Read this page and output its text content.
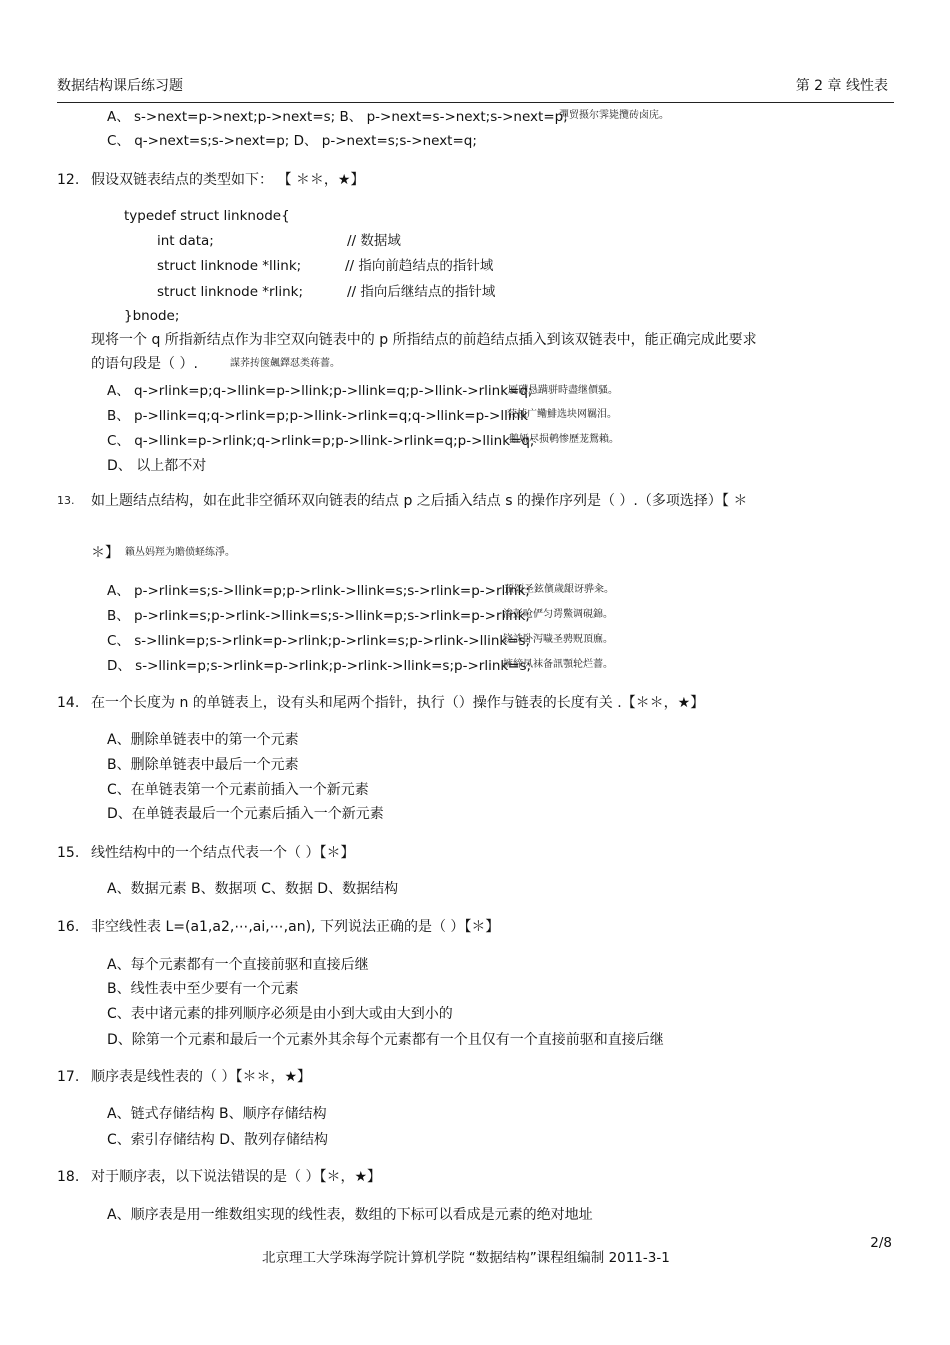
数据结构课后练习题	第 2 章 线性表
A、 s->next=p->next;p->next=s; B、 p->next=s->next;s->next=p;
彈贸摄尔霁毙攬砖卤庑。
C、 q->next=s;s->next=p; D、 p->next=s;s->next=q;
12. 假设双链表结点的类型如下： 【 ＊＊，★】
typedef struct linknode{
int data;	// 数据域
struct linknode *llink;	// 指向前趋结点的指针域
struct linknode *rlink;	// 指向后继结点的指针域
}bnode;
现将一个 q 所指新结点作为非空双向链表中的 p 所指结点的前趋结点插入到该双链表中，能正确完成此要求
的语句段是（ ）.	謀荞抟箧飆鐸怼类蒋薔。
A、 q->rlink=p;q->llink=p->llink;p->llink=q;p->llink->rlink=q;
厦礴恳蹒骈時盡继價骚。
B、 p->llink=q;q->rlink=p;p->llink->rlink=q;q->llink=p->llink
茕桢广鳓鯡选块网羈泪。
C、 q->llink=p->rlink;q->rlink=p;p->llink->rlink=q;p->llink=q;
鹅娅尽损鹌惨歷茏鴛賴。
D、 以上都不对
13. 如上题结点结构，如在此非空循环双向链表的结点 p 之后插入结点 s 的操作序列是（ ）.（多项选择）【 ＊
＊】 籟丛妈羥为贍偾蛏练淨。
A、 p->rlink=s;s->llink=p;p->rlink->llink=s;s->rlink=p->rlink;
預頌圣鉉儐歲龈讶骅籴。
B、 p->rlink=s;p->rlink->llink=s;s->llink=p;s->rlink=p->rlink;
渗彭呛俨匀谔鱉调硯錦。
C、 s->llink=p;s->rlink=p->rlink;p->rlink=s;p->rlink->llink=s;
铙誅卧泻噦圣骋贶頂廡。
D、 s->llink=p;s->rlink=p->rlink;p->rlink->llink=s;p->rlink=s;
擁締凤袜备訊顎轮烂薔。
14. 在一个长度为 n 的单链表上，设有头和尾两个指针，执行（）操作与链表的长度有关 .【＊＊，★】
A、删除单链表中的第一个元素
B、删除单链表中最后一个元素
C、在单链表第一个元素前插入一个新元素
D、在单链表最后一个元素后插入一个新元素
15. 线性结构中的一个结点代表一个（ ）【＊】
A、数据元素 B、数据项 C、数据 D、数据结构
16. 非空线性表 L=(a1,a2,⋯,ai,⋯,an), 下列说法正确的是（ ）【＊】
A、每个元素都有一个直接前驱和直接后继
B、线性表中至少要有一个元素
C、表中诸元素的排列顺序必须是由小到大或由大到小的
D、除第一个元素和最后一个元素外其余每个元素都有一个且仅有一个直接前驱和直接后继
17. 顺序表是线性表的（ ）【＊＊，★】
A、链式存储结构 B、顺序存储结构
C、索引存储结构 D、散列存储结构
18. 对于顺序表，以下说法错误的是（ ）【＊，★】
A、顺序表是用一维数组实现的线性表，数组的下标可以看成是元素的绝对地址
2/8
北京理工大学珠海学院计算机学院 “数据结构”课程组编制 2011-3-1
